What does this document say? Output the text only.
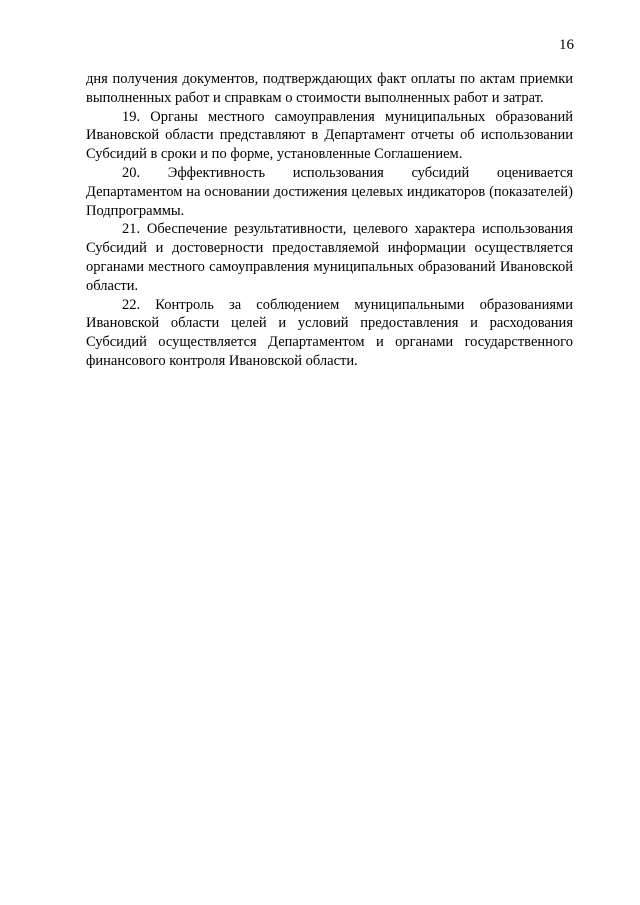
16

дня получения документов, подтверждающих факт оплаты по актам приемки выполненных работ и справкам о стоимости выполненных работ и затрат.

19. Органы местного самоуправления муниципальных образований Ивановской области представляют в Департамент отчеты об использовании Субсидий в сроки и по форме, установленные Соглашением.

20. Эффективность использования субсидий оценивается Департаментом на основании достижения целевых индикаторов (показателей) Подпрограммы.

21. Обеспечение результативности, целевого характера использования Субсидий и достоверности предоставляемой информации осуществляется органами местного самоуправления муниципальных образований Ивановской области.

22. Контроль за соблюдением муниципальными образованиями Ивановской области целей и условий предоставления и расходования Субсидий осуществляется Департаментом и органами государственного финансового контроля Ивановской области.
